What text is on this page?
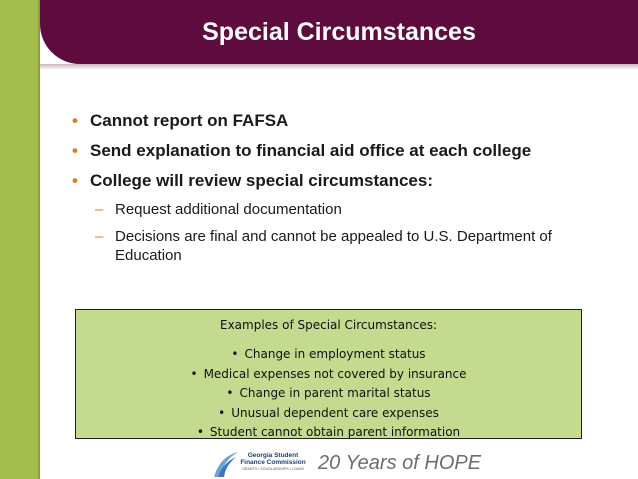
Special Circumstances
• Cannot report on FAFSA
• Send explanation to financial aid office at each college
• College will review special circumstances:
– Request additional documentation
– Decisions are final and cannot be appealed to U.S. Department of Education
Examples of Special Circumstances:
• Change in employment status
• Medical expenses not covered by insurance
• Change in parent marital status
• Unusual dependent care expenses
• Student cannot obtain parent information
Georgia Student
Finance Commission
GRANTS • SCHOLARSHIPS • LOANS 20 Years of HOPE
